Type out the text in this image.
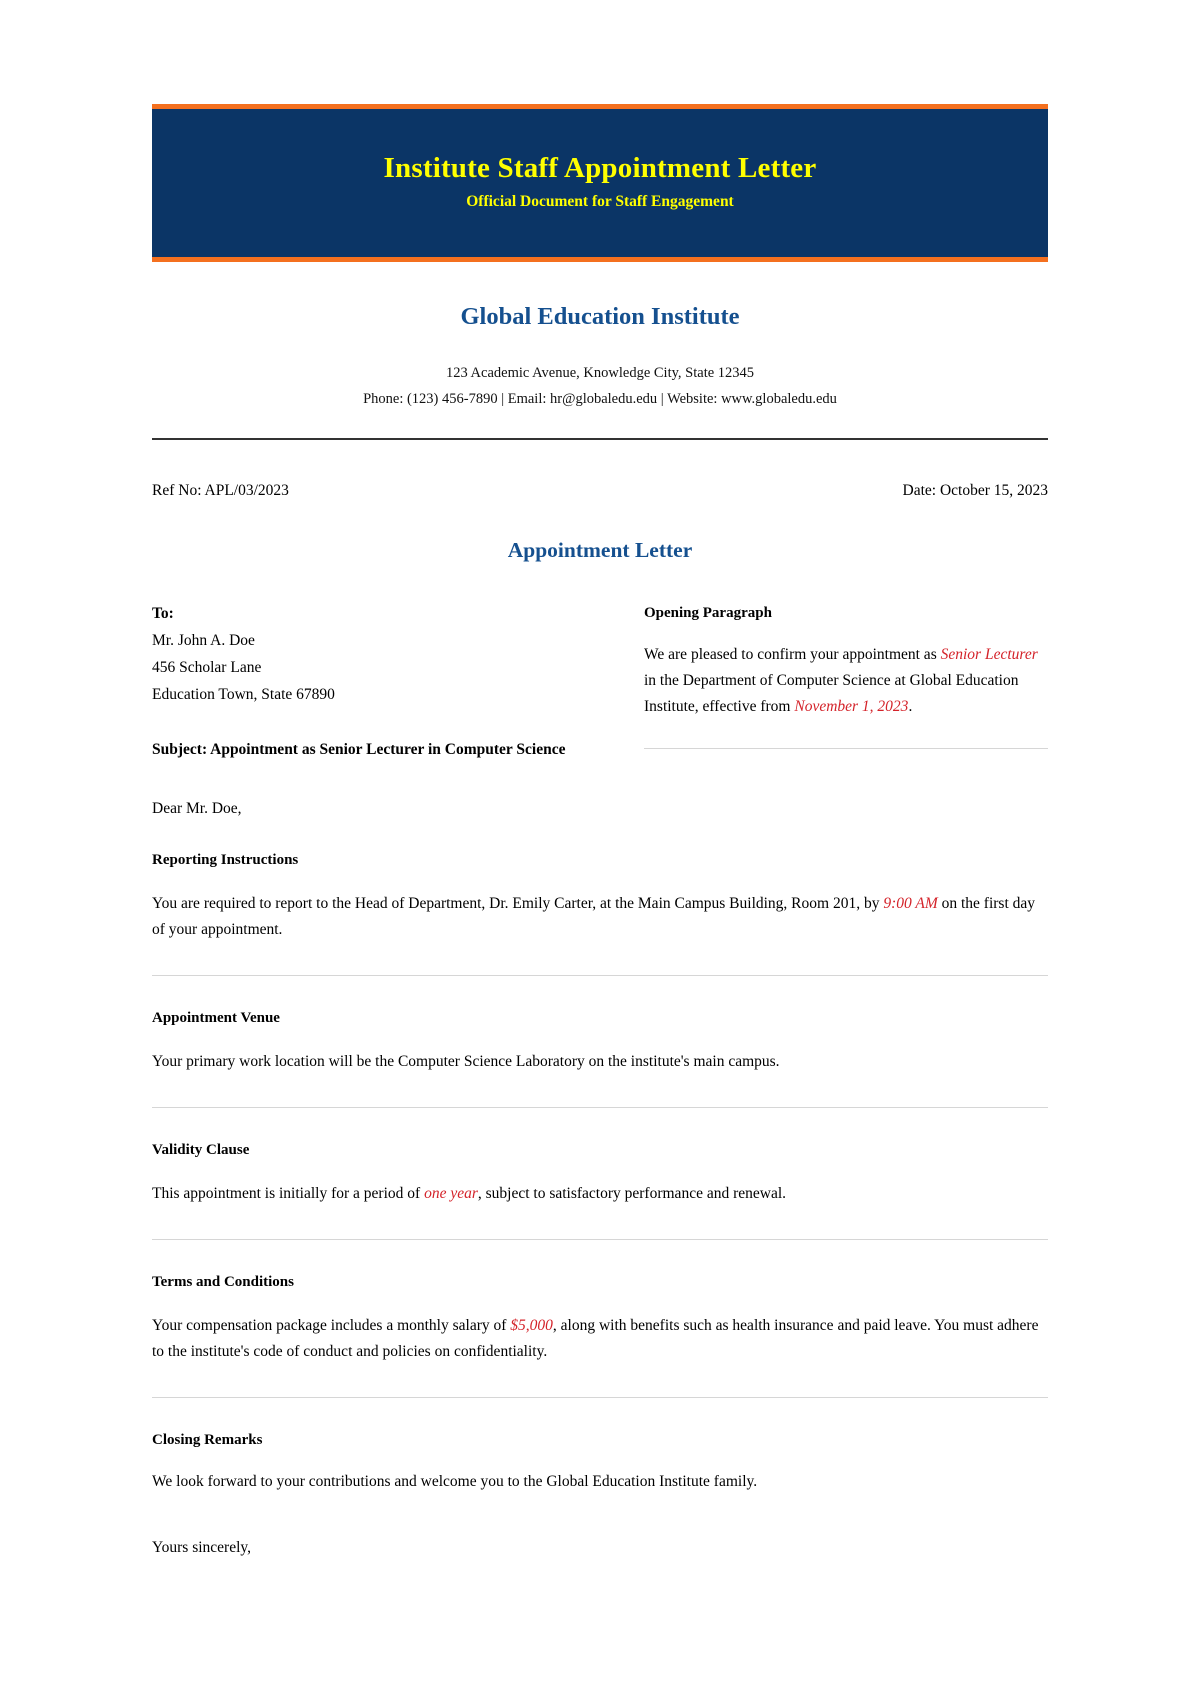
Institute Staff Appointment Letter
Official Document for Staff Engagement
Global Education Institute

123 Academic Avenue, Knowledge City, State 12345

Phone: (123) 456-7890 | Email: hr@globaledu.edu | Website: www.globaledu.edu

Ref No: APL/03/2023	Date: October 15, 2023
Appointment Letter

To:

Mr. John A. Doe

456 Scholar Lane

Education Town, State 67890

Subject: Appointment as Senior Lecturer in Computer Science

Dear Mr. Doe,

Opening Paragraph

We are pleased to confirm your appointment as Senior Lecturer in the Department of Computer Science at Global Education Institute, effective from November 1, 2023.

Reporting Instructions

You are required to report to the Head of Department, Dr. Emily Carter, at the Main Campus Building, Room 201, by 9:00 AM on the first day of your appointment.

Appointment Venue

Your primary work location will be the Computer Science Laboratory on the institute's main campus.

Validity Clause

This appointment is initially for a period of one year, subject to satisfactory performance and renewal.

Terms and Conditions

Your compensation package includes a monthly salary of $5,000, along with benefits such as health insurance and paid leave. You must adhere to the institute's code of conduct and policies on confidentiality.

Closing Remarks

We look forward to your contributions and welcome you to the Global Education Institute family.

Yours sincerely,
